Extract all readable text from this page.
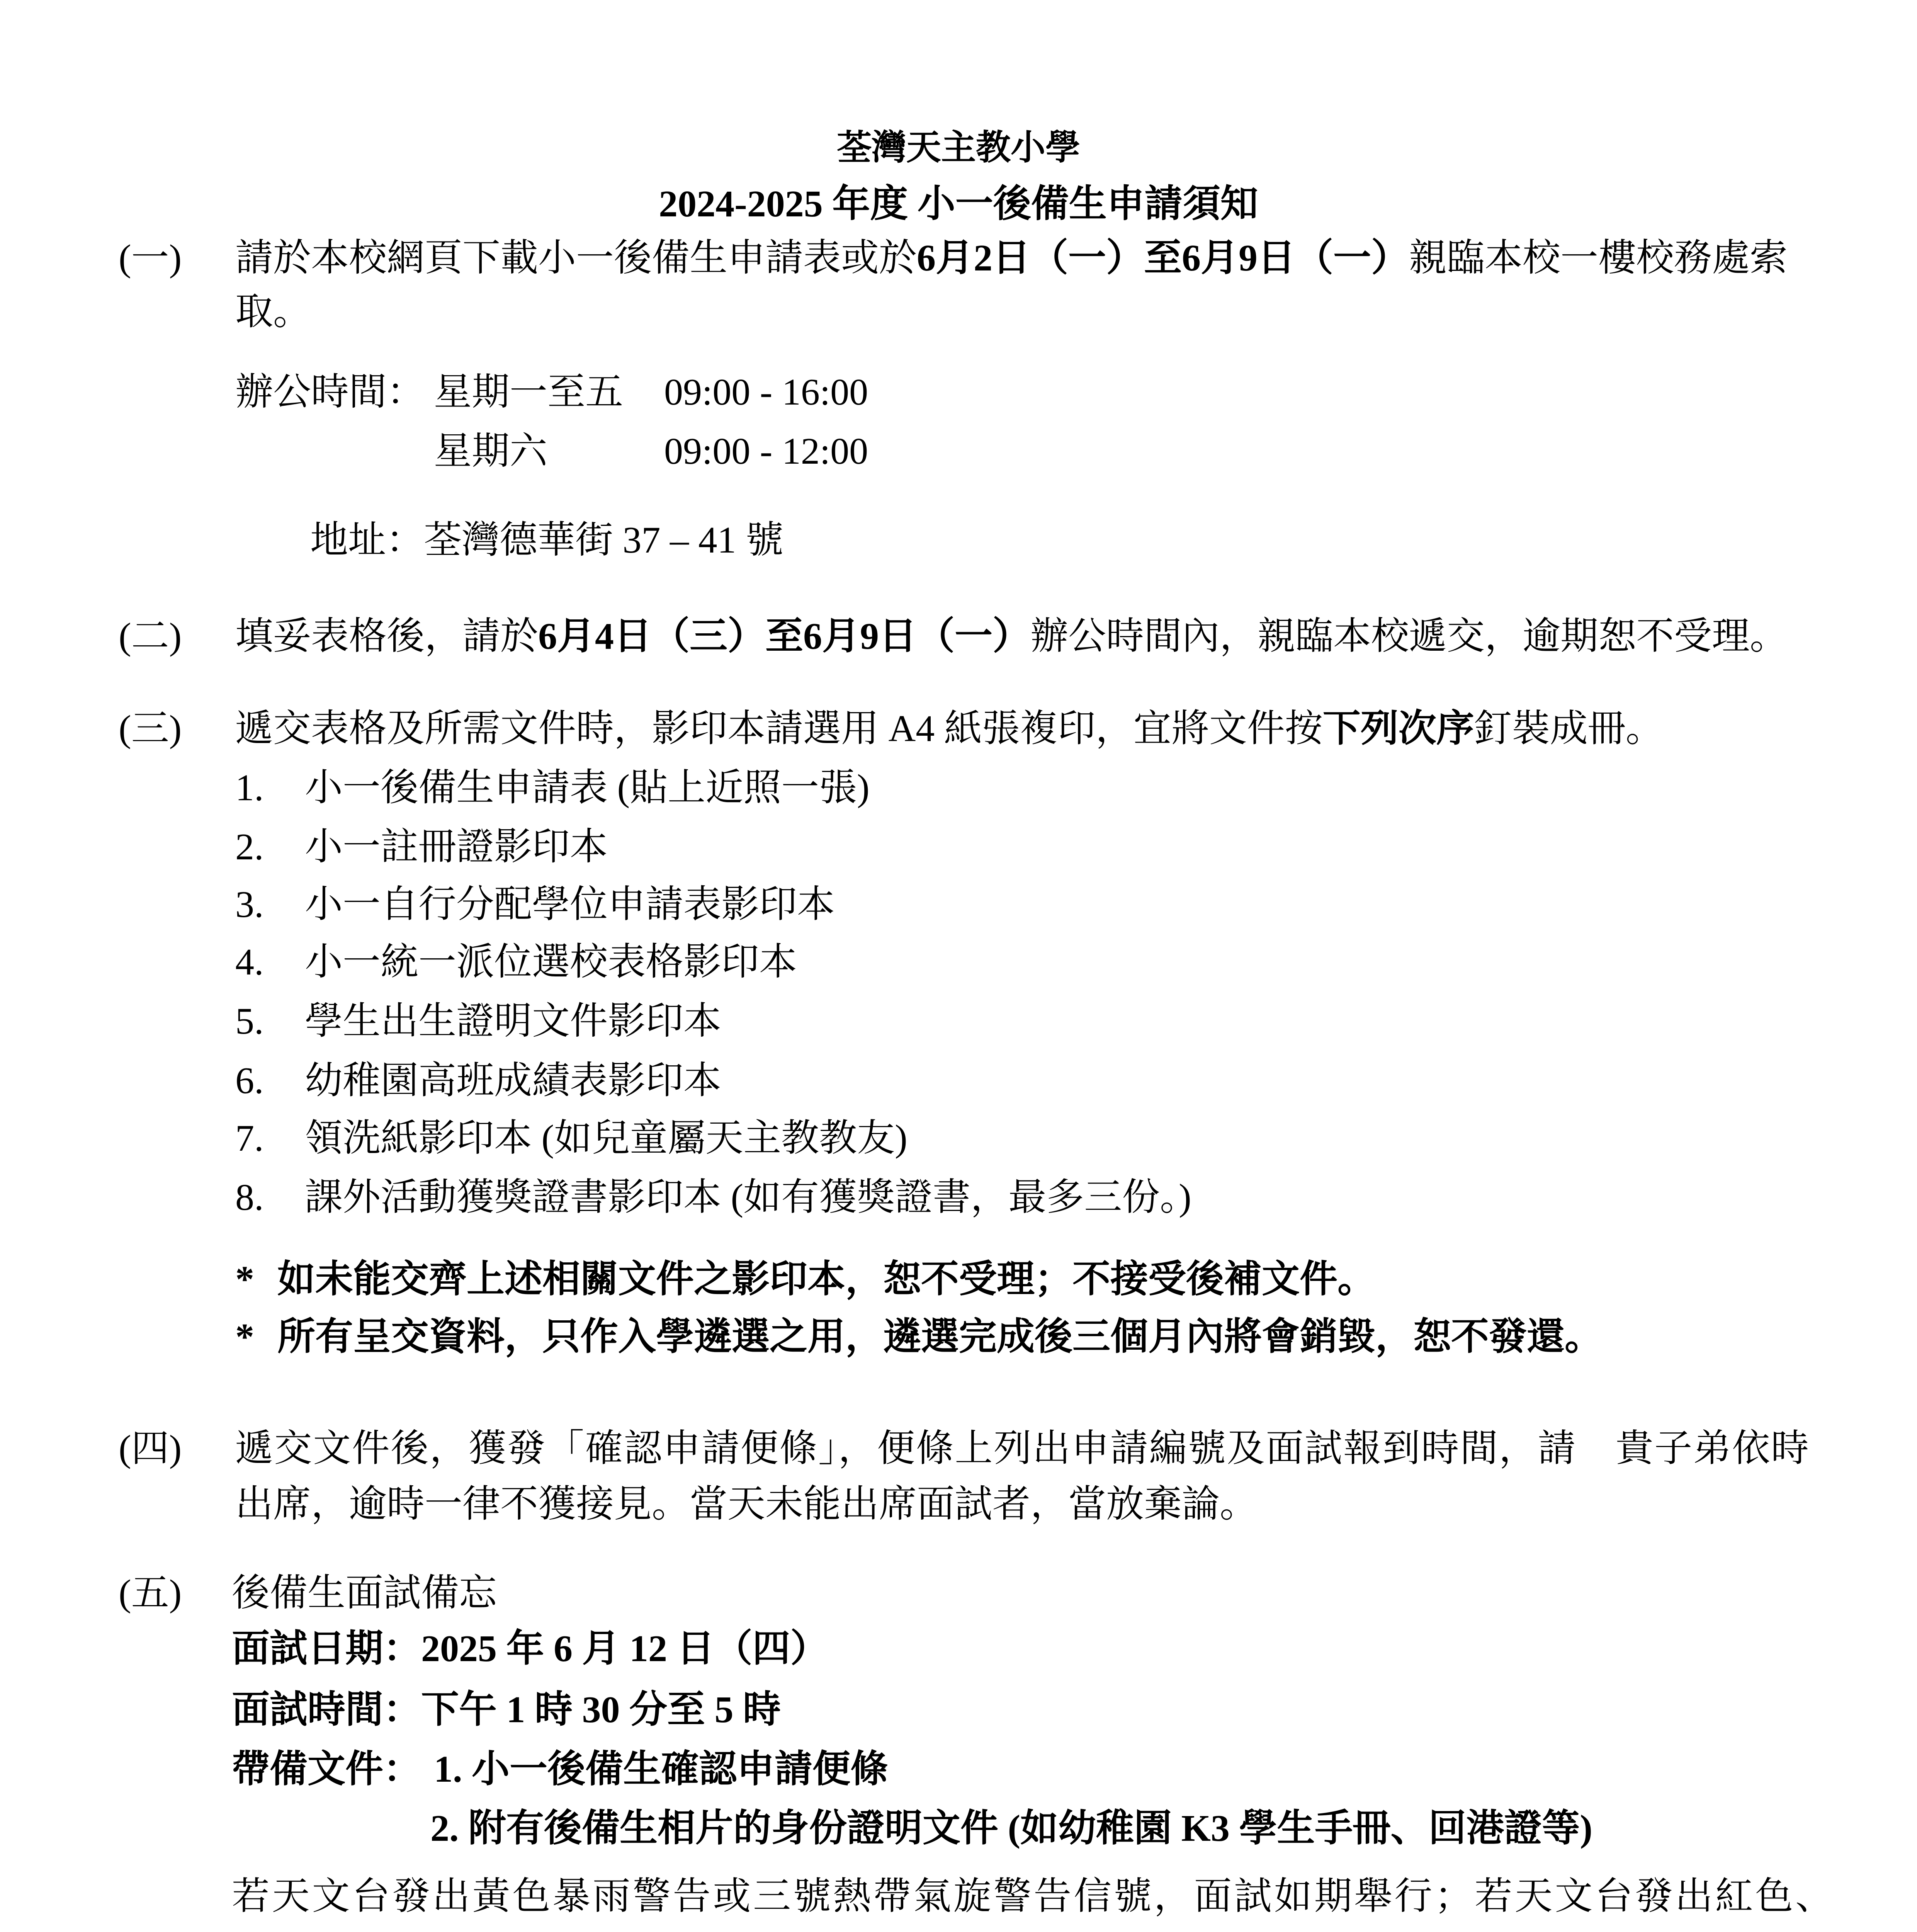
荃灣天主教小學
2024-2025 年度 小一後備生申請須知
(一) 請於本校網頁下載小一後備生申請表或於6月2日（一）至6月9日（一）親臨本校一樓校務處索
取。
辦公時間： 星期一至五 09:00 - 16:00
星期六	09:00 - 12:00
地址：荃灣德華街 37 – 41 號
(二) 填妥表格後，請於6月4日（三）至6月9日（一）辦公時間內，親臨本校遞交，逾期恕不受理。
(三) 遞交表格及所需文件時，影印本請選用 A4 紙張複印，宜將文件按下列次序釘裝成冊。
1. 小一後備生申請表 (貼上近照一張)
2. 小一註冊證影印本
3. 小一自行分配學位申請表影印本
4. 小一統一派位選校表格影印本
5. 學生出生證明文件影印本
6. 幼稚園高班成績表影印本
7. 領洗紙影印本 (如兒童屬天主教教友)
8. 課外活動獲獎證書影印本 (如有獲獎證書，最多三份。)
* 如未能交齊上述相關文件之影印本，恕不受理；不接受後補文件。
* 所有呈交資料，只作入學遴選之用，遴選完成後三個月內將會銷毀，恕不發還。
(四) 遞交文件後，獲發「確認申請便條」，便條上列出申請編號及面試報到時間，請　貴子弟依時
出席，逾時一律不獲接見。當天未能出席面試者，當放棄論。
(五) 後備生面試備忘
面試日期：2025 年 6 月 12 日（四）
面試時間：下午 1 時 30 分至 5 時
帶備文件： 1. 小一後備生確認申請便條
2. 附有後備生相片的身份證明文件 (如幼稚園 K3 學生手冊、回港證等)
若天文台發出黃色暴雨警告或三號熱帶氣旋警告信號，面試如期舉行；若天文台發出紅色、
